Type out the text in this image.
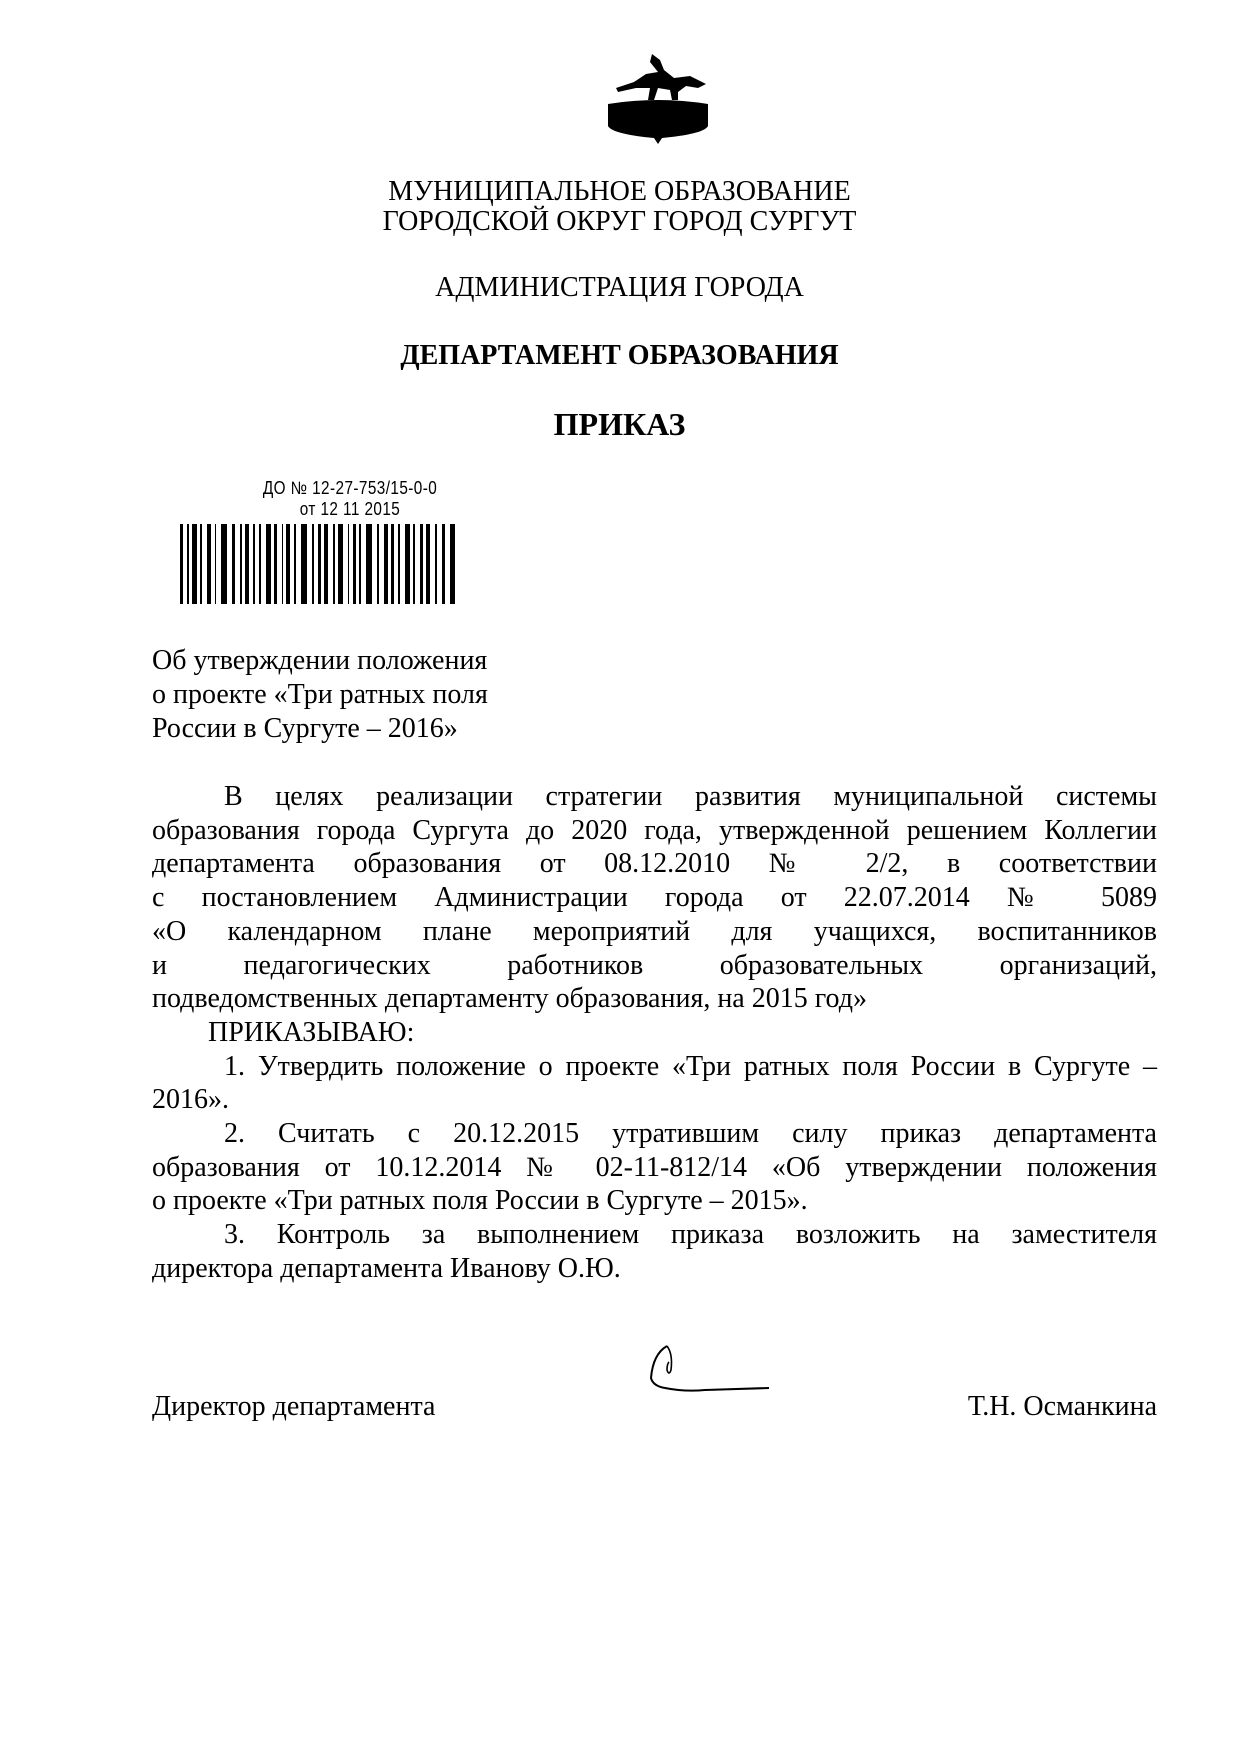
МУНИЦИПАЛЬНОЕ ОБРАЗОВАНИЕ
ГОРОДСКОЙ ОКРУГ ГОРОД СУРГУТ
АДМИНИСТРАЦИЯ ГОРОДА
ДЕПАРТАМЕНТ ОБРАЗОВАНИЯ
ПРИКАЗ
ДО № 12-27-753/15-0-0
от 12 11 2015
Об утверждении положения
о проекте «Три ратных поля
России в Сургуте – 2016»
В целях реализации стратегии развития муниципальной системы
образования города Сургута до 2020 года, утвержденной решением Коллегии
департамента образования от 08.12.2010 № 2/2, в соответствии
с постановлением Администрации города от 22.07.2014 № 5089
«О календарном плане мероприятий для учащихся, воспитанников
и педагогических работников образовательных организаций,
подведомственных департаменту образования, на 2015 год»
ПРИКАЗЫВАЮ:
1. Утвердить положение о проекте «Три ратных поля России в Сургуте –
2016».
2. Считать с 20.12.2015 утратившим силу приказ департамента
образования от 10.12.2014 № 02-11-812/14 «Об утверждении положения
о проекте «Три ратных поля России в Сургуте – 2015».
3. Контроль за выполнением приказа возложить на заместителя
директора департамента Иванову О.Ю.
Директор департамента	Т.Н. Османкина
